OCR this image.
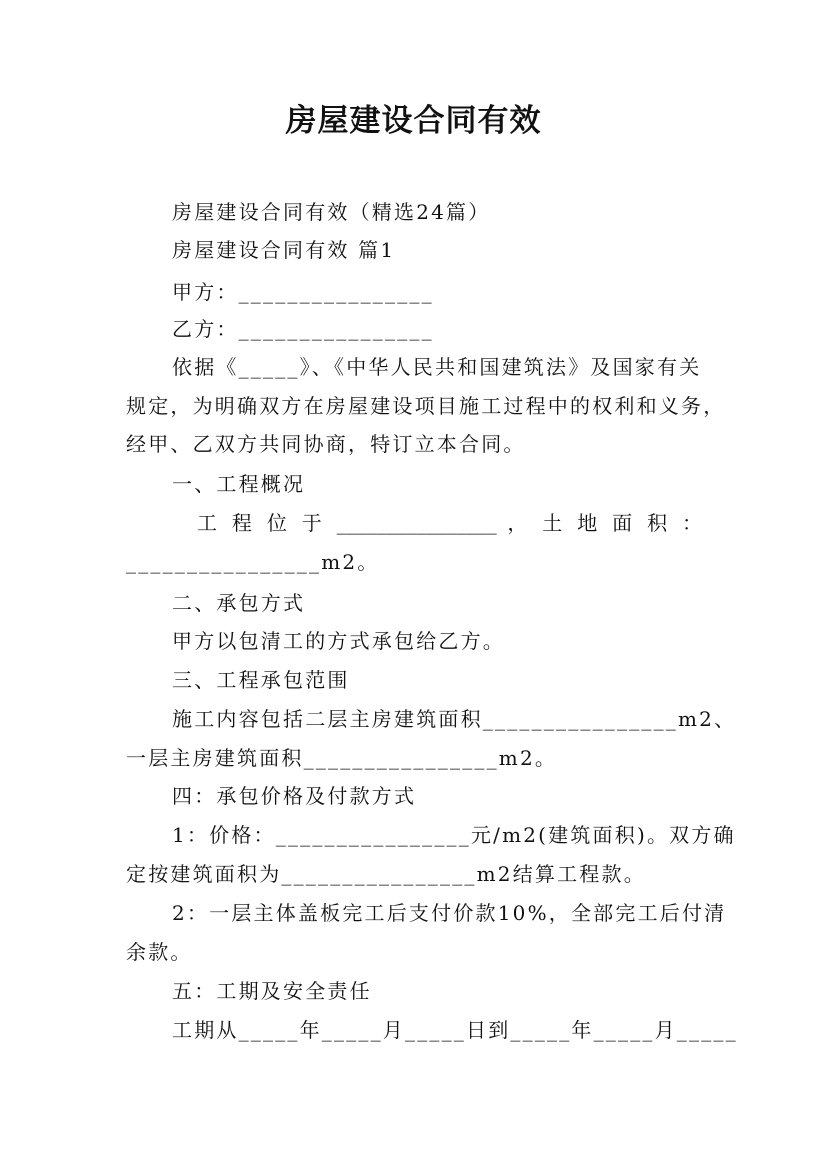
房屋建设合同有效
房屋建设合同有效（精选24篇）
房屋建设合同有效 篇1
甲方：________________
乙方：________________
依据《_____》、《中华人民共和国建筑法》及国家有关
规定，为明确双方在房屋建设项目施工过程中的权利和义务，
经甲、乙双方共同协商，特订立本合同。
一、工程概况
工 程 位 于 ________________ ， 土 地 面 积 ：
________________m2。
二、承包方式
甲方以包清工的方式承包给乙方。
三、工程承包范围
施工内容包括二层主房建筑面积________________m2、
一层主房建筑面积________________m2。
四：承包价格及付款方式
1：价格：________________元/m2(建筑面积)。双方确
定按建筑面积为________________m2结算工程款。
2：一层主体盖板完工后支付价款10%，全部完工后付清
余款。
五：工期及安全责任
工期从_____年_____月_____日到_____年_____月_____
